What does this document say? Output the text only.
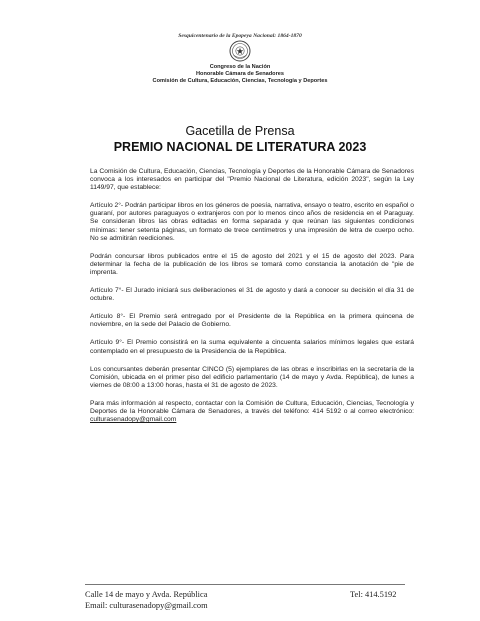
Sesquicentenario de la Epopeya Nacional: 1864-1870
Congreso de la Nación
Honorable Cámara de Senadores
Comisión de Cultura, Educación, Ciencias, Tecnología y Deportes
Gacetilla de Prensa
PREMIO NACIONAL DE LITERATURA 2023

La Comisión de Cultura, Educación, Ciencias, Tecnología y Deportes de la Honorable Cámara de Senadores convoca a los interesados en participar del "Premio Nacional de Literatura, edición 2023", según la Ley 1149/97, que establece:

Artículo 2°- Podrán participar libros en los géneros de poesía, narrativa, ensayo o teatro, escrito en español o guaraní, por autores paraguayos o extranjeros con por lo menos cinco años de residencia en el Paraguay. Se consideran libros las obras editadas en forma separada y que reúnan las siguientes condiciones mínimas: tener setenta páginas, un formato de trece centímetros y una impresión de letra de cuerpo ocho. No se admitirán reediciones.

Podrán concursar libros publicados entre el 15 de agosto del 2021 y el 15 de agosto del 2023. Para determinar la fecha de la publicación de los libros se tomará como constancia la anotación de "pie de imprenta.

Artículo 7°- El Jurado iniciará sus deliberaciones el 31 de agosto y dará a conocer su decisión el día 31 de octubre.

Artículo 8°- El Premio será entregado por el Presidente de la República en la primera quincena de noviembre, en la sede del Palacio de Gobierno.

Artículo 9°- El Premio consistirá en la suma equivalente a cincuenta salarios mínimos legales que estará contemplado en el presupuesto de la Presidencia de la República.

Los concursantes deberán presentar CINCO (5) ejemplares de las obras e inscribirlas en la secretaría de la Comisión, ubicada en el primer piso del edificio parlamentario (14 de mayo y Avda. República), de lunes a viernes de 08:00 a 13:00 horas, hasta el 31 de agosto de 2023.

Para más información al respecto, contactar con la Comisión de Cultura, Educación, Ciencias, Tecnología y Deportes de la Honorable Cámara de Senadores, a través del teléfono: 414 5192 o al correo electrónico: culturasenadopy@gmail.com

Calle 14 de mayo y Avda. República
Email: culturasenadopy@gmail.com
Tel: 414.5192
